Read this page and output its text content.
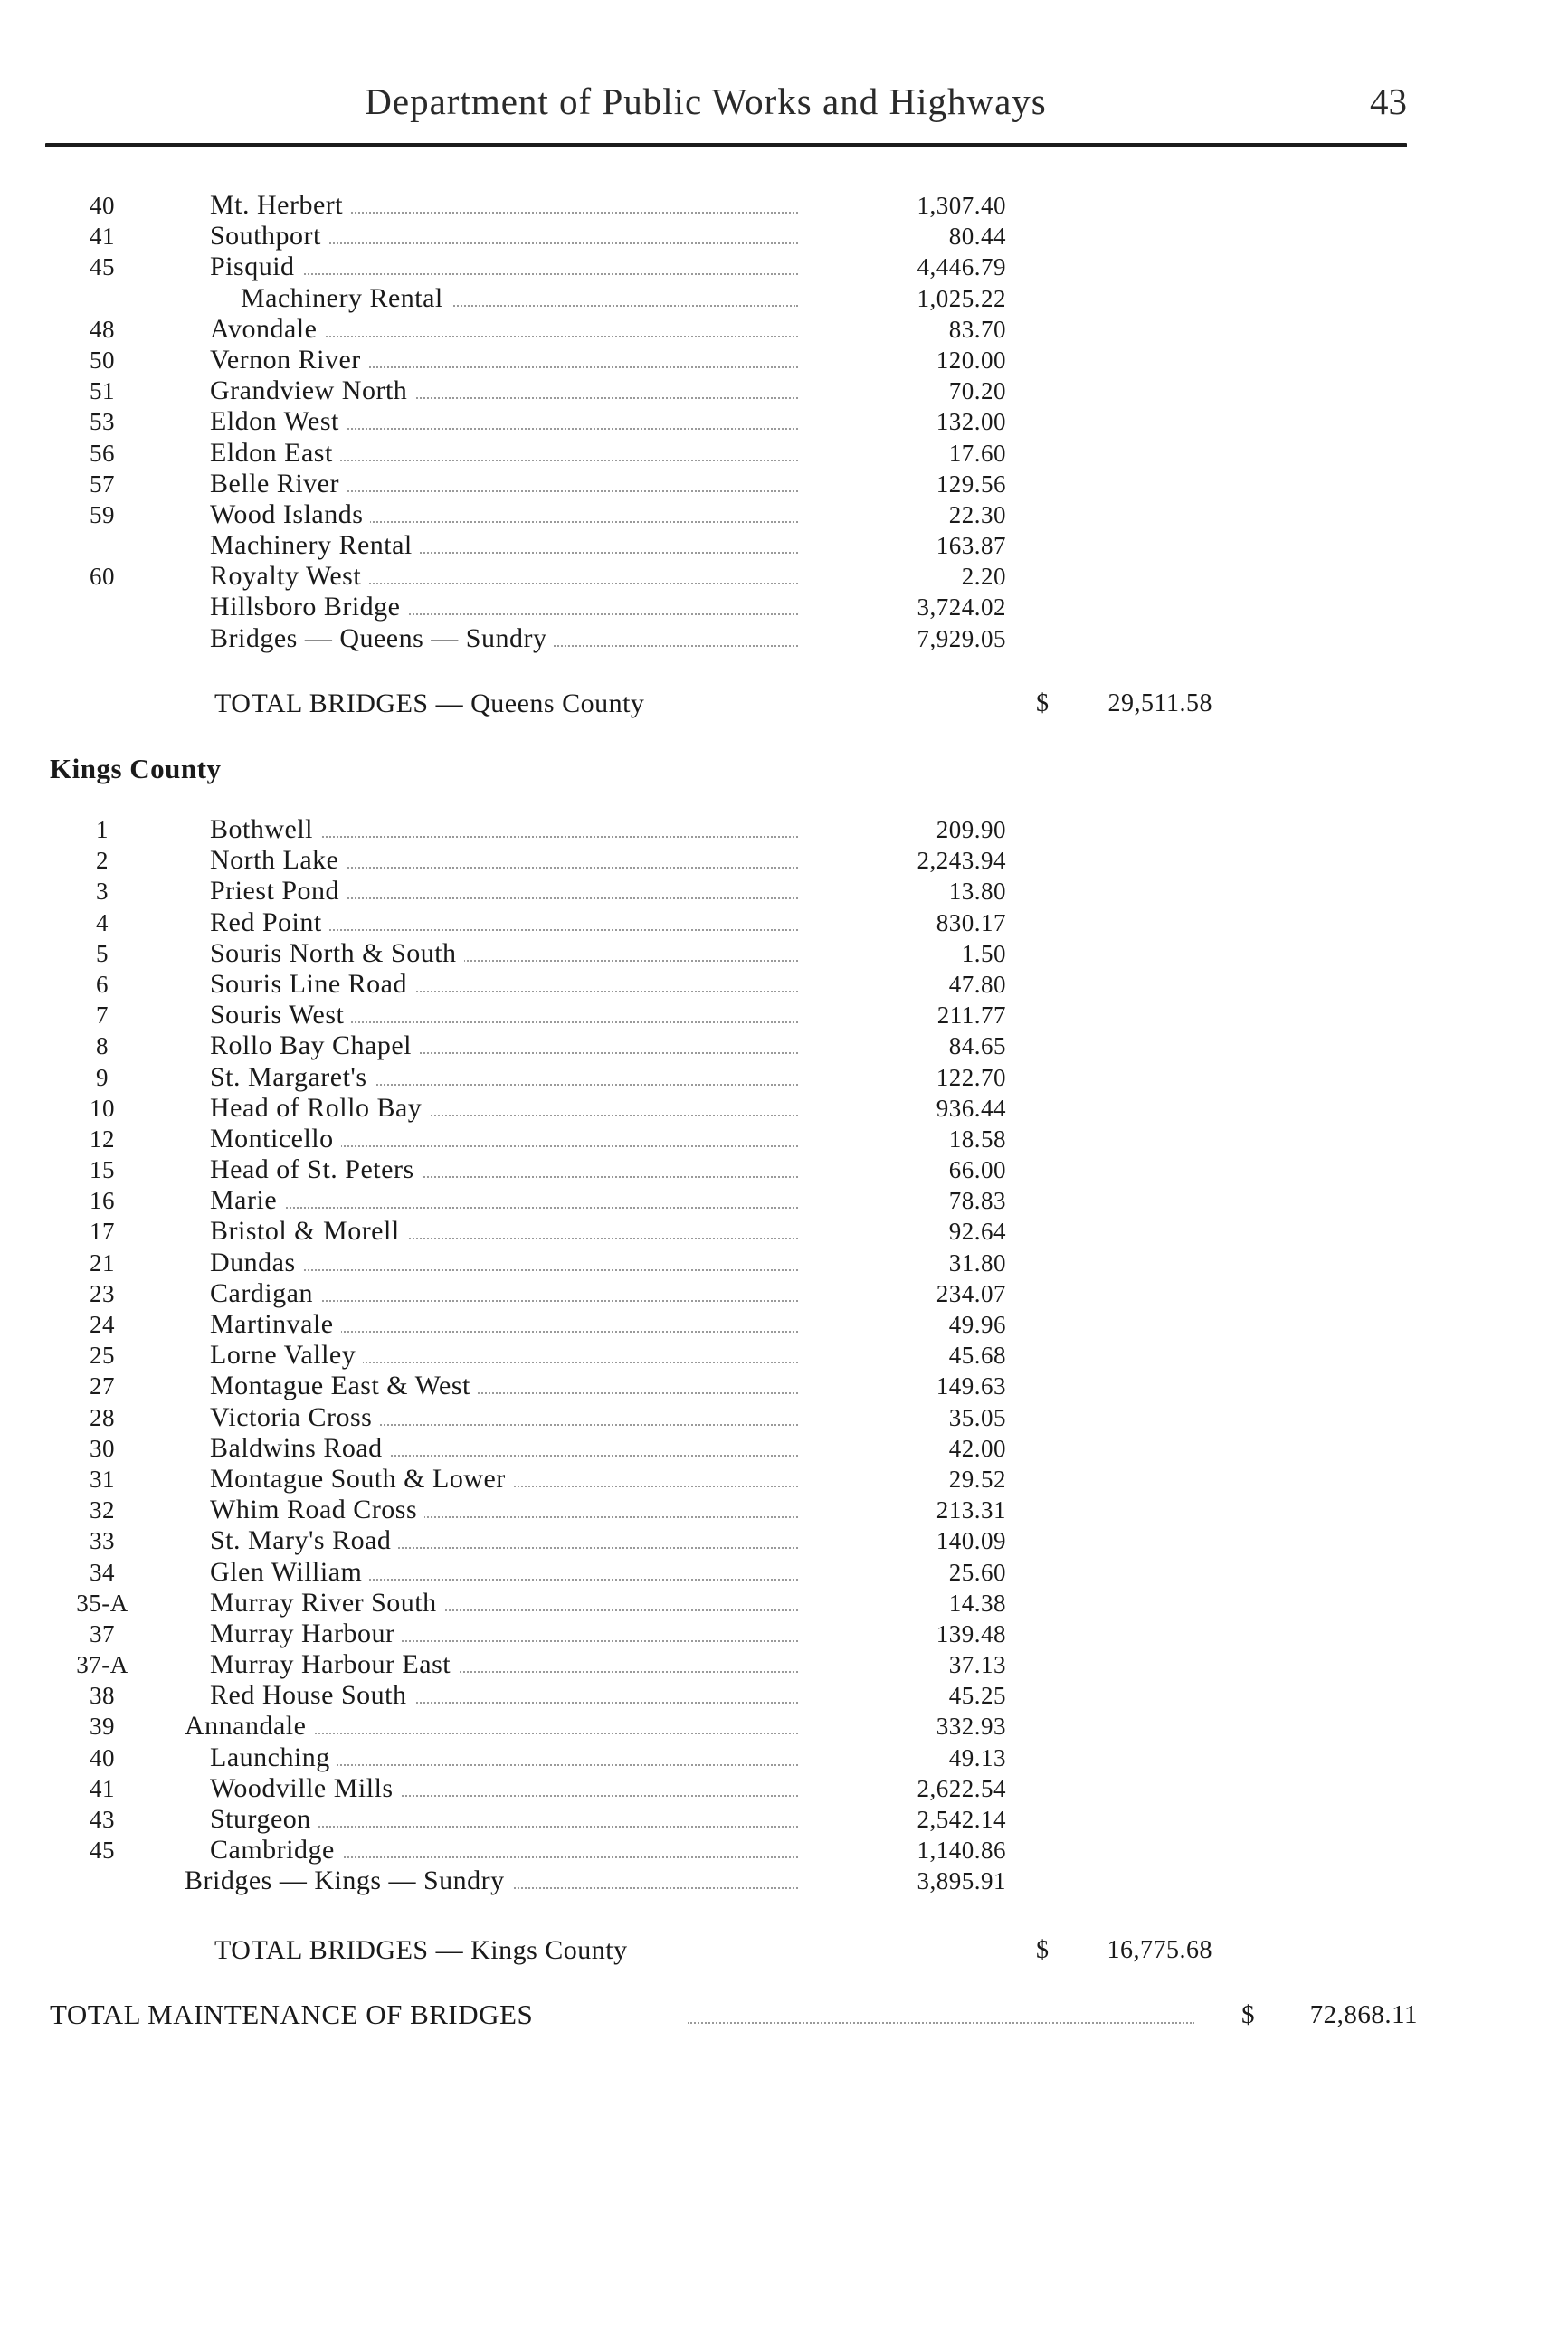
Department of Public Works and Highways	43
40	Mt. Herbert	1,307.40
41	Southport	80.44
45	Pisquid	4,446.79
Machinery Rental	1,025.22
48	Avondale	83.70
50	Vernon River	120.00
51	Grandview North	70.20
53	Eldon West	132.00
56	Eldon East	17.60
57	Belle River	129.56
59	Wood Islands	22.30
Machinery Rental	163.87
60	Royalty West	2.20
Hillsboro Bridge	3,724.02
Bridges — Queens — Sundry	7,929.05
TOTAL BRIDGES — Queens County	$	29,511.58
Kings County
1	Bothwell	209.90
2	North Lake	2,243.94
3	Priest Pond	13.80
4	Red Point	830.17
5	Souris North & South	1.50
6	Souris Line Road	47.80
7	Souris West	211.77
8	Rollo Bay Chapel	84.65
9	St. Margaret's	122.70
10	Head of Rollo Bay	936.44
12	Monticello	18.58
15	Head of St. Peters	66.00
16	Marie	78.83
17	Bristol & Morell	92.64
21	Dundas	31.80
23	Cardigan	234.07
24	Martinvale	49.96
25	Lorne Valley	45.68
27	Montague East & West	149.63
28	Victoria Cross	35.05
30	Baldwins Road	42.00
31	Montague South & Lower	29.52
32	Whim Road Cross	213.31
33	St. Mary's Road	140.09
34	Glen William	25.60
35-A	Murray River South	14.38
37	Murray Harbour	139.48
37-A	Murray Harbour East	37.13
38	Red House South	45.25
39	Annandale	332.93
40	Launching	49.13
41	Woodville Mills	2,622.54
43	Sturgeon	2,542.14
45	Cambridge	1,140.86
Bridges — Kings — Sundry	3,895.91
TOTAL BRIDGES — Kings County	$	16,775.68
TOTAL MAINTENANCE OF BRIDGES	$	72,868.11
